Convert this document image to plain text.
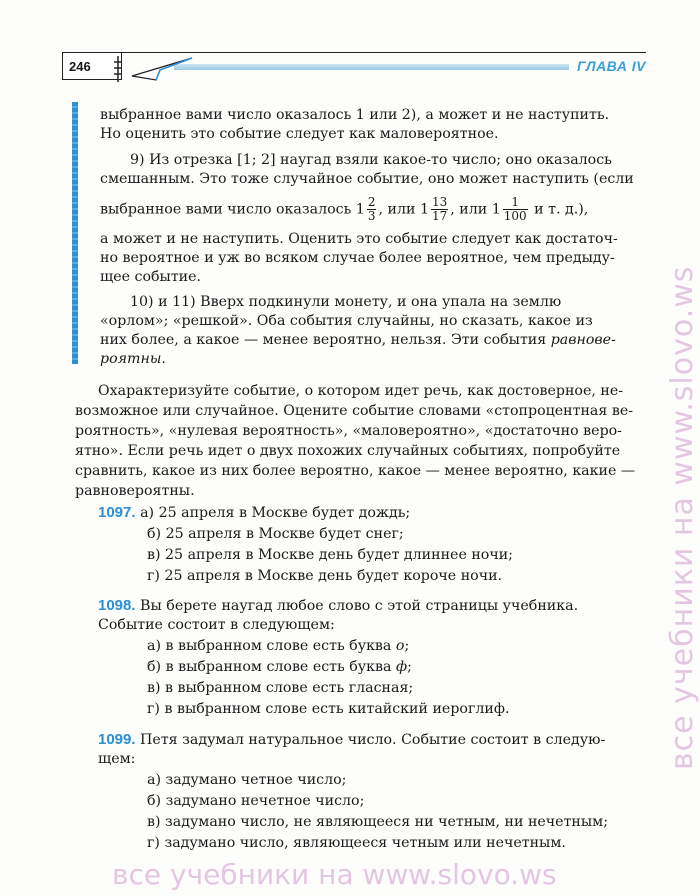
246	ГЛАВА IV

выбранное вами число оказалось 1 или 2), а может и не наступить.

Но оценить это событие следует как маловероятное.

9) Из отрезка [1; 2] наугад взяли какое-то число; оно оказалось

смешанным. Это тоже случайное событие, оно может наступить (если

выбранное вами число оказалось $1 \frac{2}{3}$ , или $1 \frac{13}{17}$ , или $1 \frac{1}{100}$ и т. д.),

а может и не наступить. Оценить это событие следует как достаточ-

но вероятное и уж во всяком случае более вероятное, чем предыду-

щее событие.

10) и 11) Вверх подкинули монету, и она упала на землю

«орлом»; «решкой». Оба события случайны, но сказать, какое из

них более, а какое — менее вероятно, нельзя. Эти события равнове-

роятны.

Охарактеризуйте событие, о котором идет речь, как достоверное, не-

возможное или случайное. Оцените событие словами «стопроцентная ве-

роятность», «нулевая вероятность», «маловероятно», «достаточно веро-

ятно». Если речь идет о двух похожих случайных событиях, попробуйте

сравнить, какое из них более вероятно, какое — менее вероятно, какие —

равновероятны.

1097. а) 25 апреля в Москве будет дождь;

б) 25 апреля в Москве будет снег;

в) 25 апреля в Москве день будет длиннее ночи;

г) 25 апреля в Москве день будет короче ночи.

1098. Вы берете наугад любое слово с этой страницы учебника.

Событие состоит в следующем:

а) в выбранном слове есть буква о;

б) в выбранном слове есть буква ф;

в) в выбранном слове есть гласная;

г) в выбранном слове есть китайский иероглиф.

1099. Петя задумал натуральное число. Событие состоит в следую-

щем:

а) задумано четное число;

б) задумано нечетное число;

в) задумано число, не являющееся ни четным, ни нечетным;

г) задумано число, являющееся четным или нечетным.

все учебники на www.slovo.ws
все учебники на www.slovo.ws
